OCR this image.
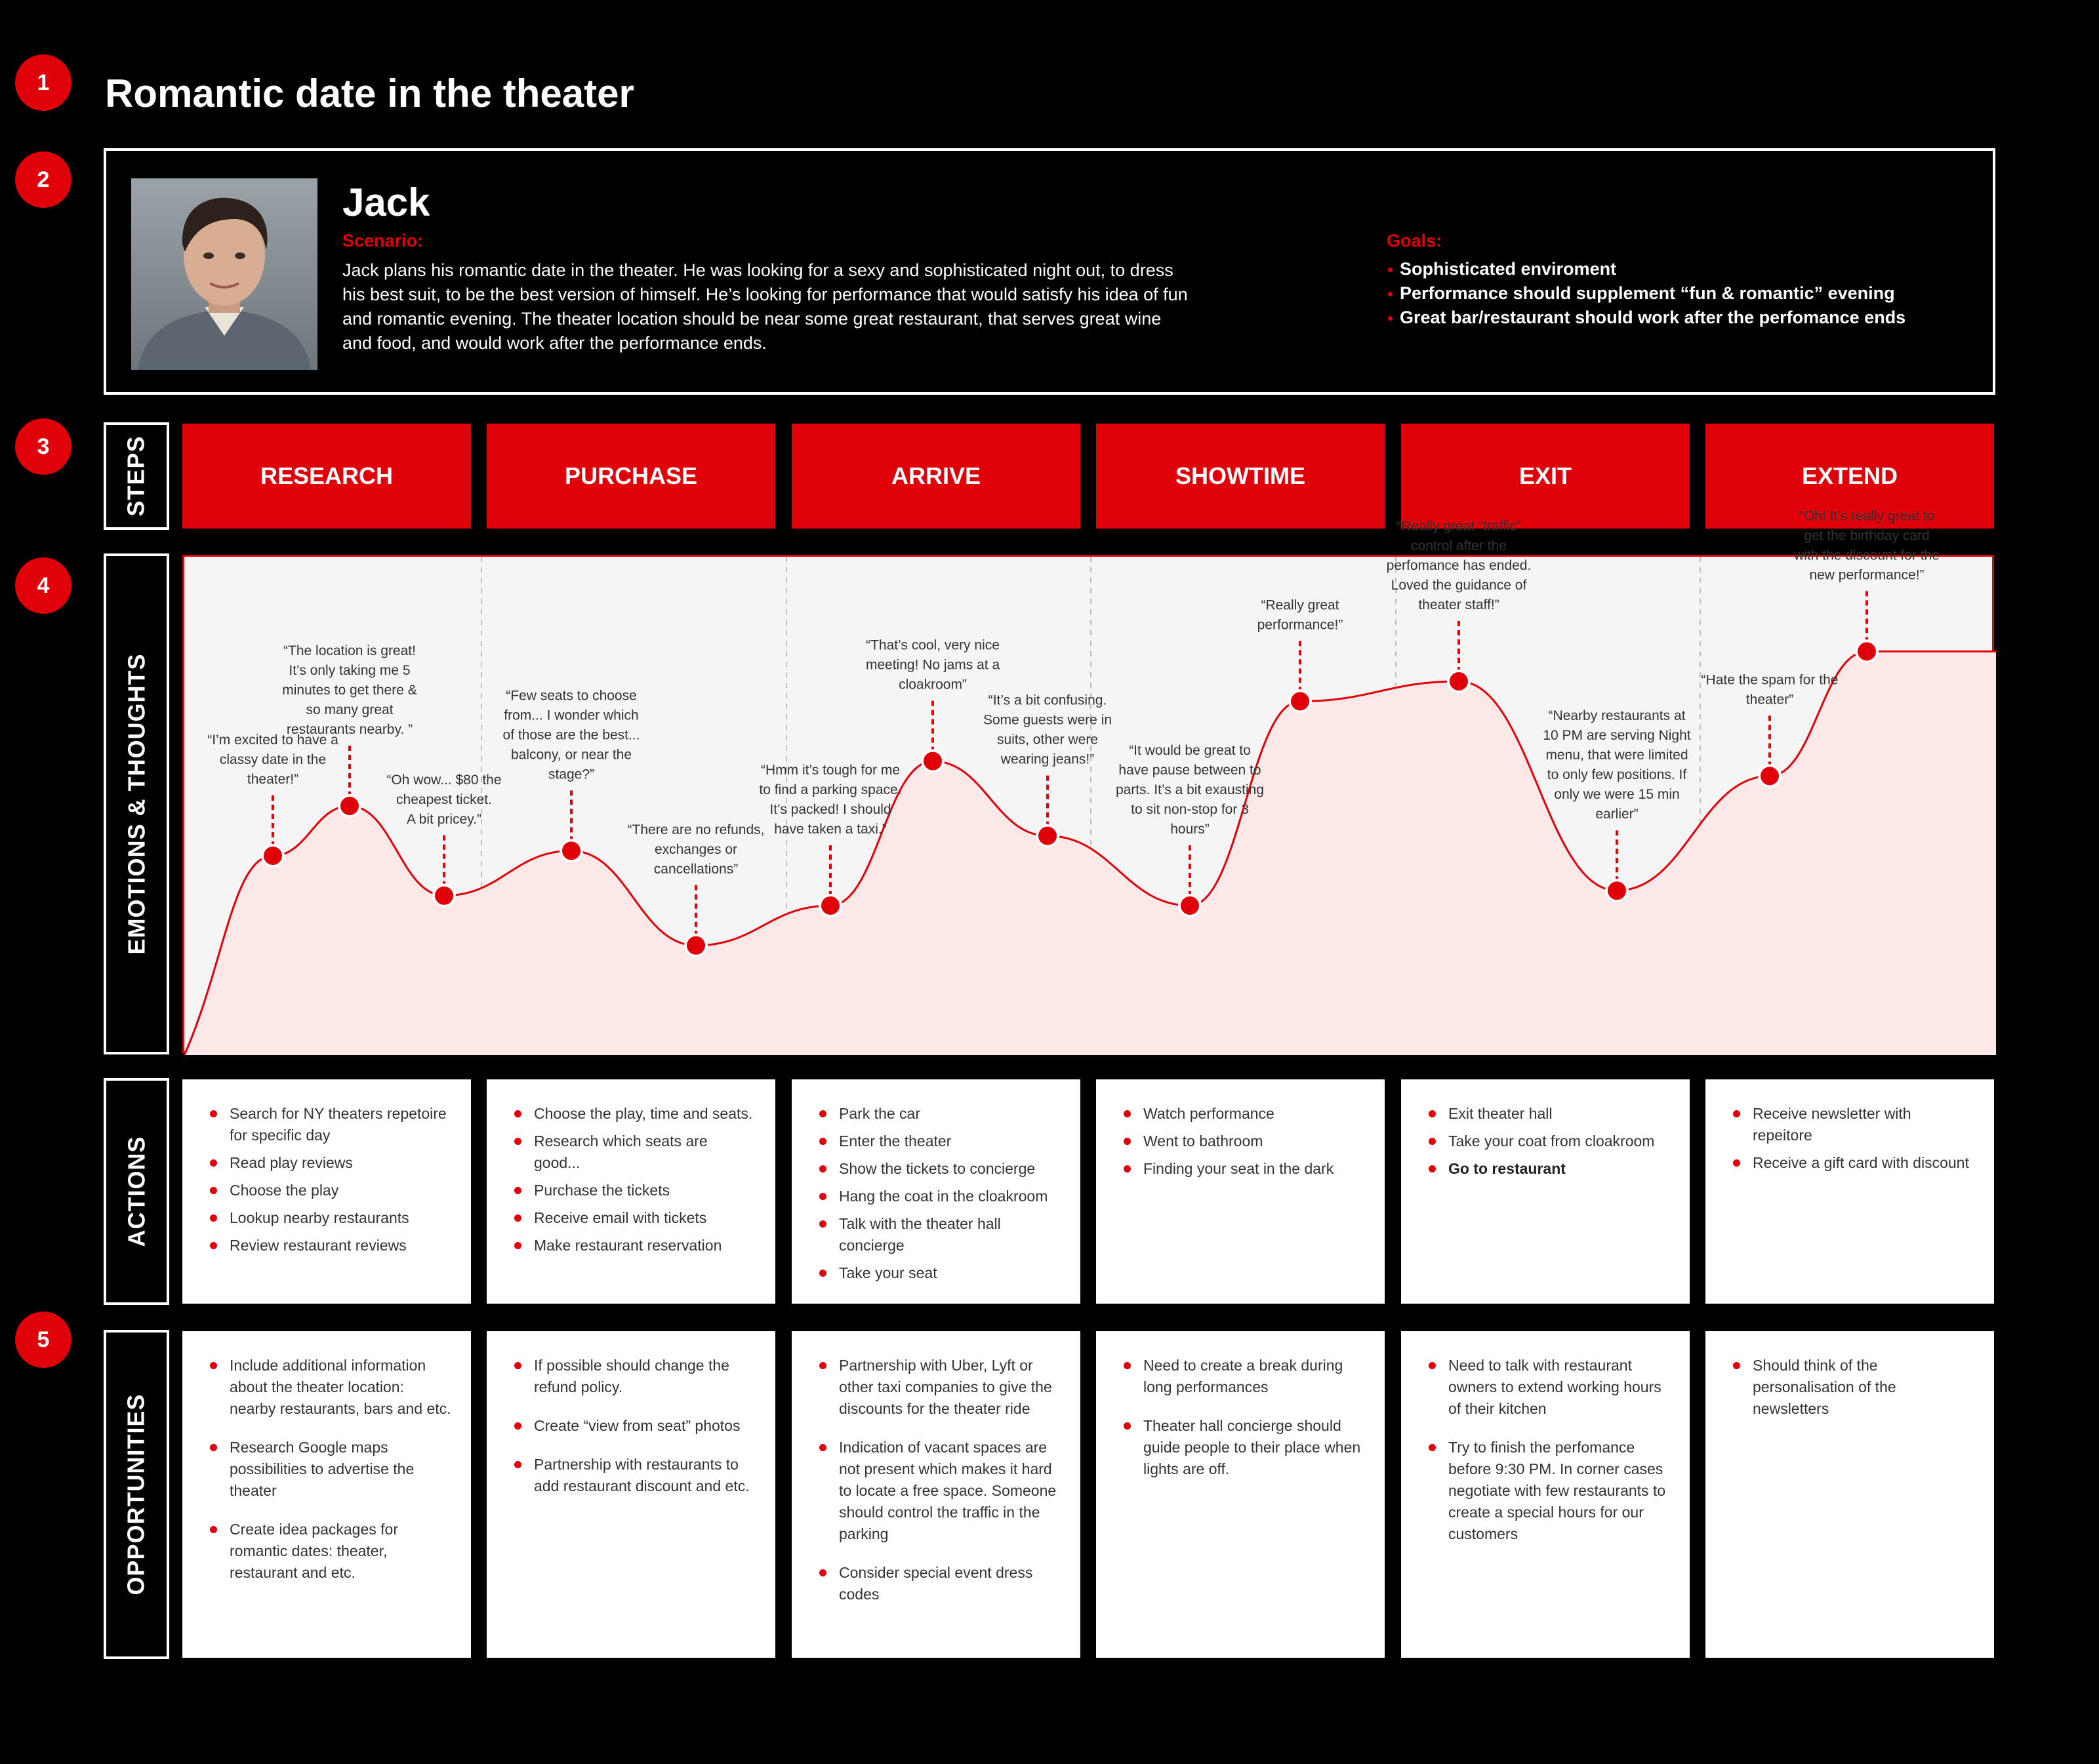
1
2
3
4
5
Romantic date in the theater
Jack
Scenario:

Jack plans his romantic date in the theater. He was looking for a sexy and sophisticated night out, to dress
his best suit, to be the best version of himself. He’s looking for performance that would satisfy his idea of fun
and romantic evening. The theater location should be near some great restaurant, that serves great wine
and food, and would work after the performance ends.

Goals:
Sophisticated enviroment
Performance should supplement “fun & romantic” evening
Great bar/restaurant should work after the perfomance ends
STEPS
EMOTIONS & THOUGHTS
ACTIONS
OPPORTUNITIES
RESEARCH	PURCHASE	ARRIVE	SHOWTIME	EXIT	EXTEND
“I’m excited to have a classy date in the theater!”
“The location is great! It’s only taking me 5 minutes to get there & so many great restaurants nearby. ”
“Oh wow... $80 the cheapest ticket. A bit pricey.”
“Few seats to choose from... I wonder which of those are the best... balcony, or near the stage?”
“There are no refunds, exchanges or cancellations”
“Hmm it’s tough for me to find a parking space. It’s packed! I should have taken a taxi.”
“That’s cool, very nice meeting! No jams at a cloakroom”
“It’s a bit confusing. Some guests were in suits, other were wearing jeans!”
“It would be great to have pause between to parts. It’s a bit exausting to sit non-stop for 3 hours”
“Really great performance!”
“Really great “traffic” control after the perfomance has ended. Loved the guidance of theater staff!”
“Nearby restaurants at 10 PM are serving Night menu, that were limited to only few positions. If only we were 15 min earlier”
“Hate the spam for the theater”
“Oh! It’s really great to get the birthday card with the discount for the new performance!”
Search for NY theaters repetoire for specific day
Read play reviews
Choose the play
Lookup nearby restaurants
Review restaurant reviews
Choose the play, time and seats.
Research which seats are good...
Purchase the tickets
Receive email with tickets
Make restaurant reservation
Park the car
Enter the theater
Show the tickets to concierge
Hang the coat in the cloakroom
Talk with the theater hall concierge
Take your seat
Watch performance
Went to bathroom
Finding your seat in the dark
Exit theater hall
Take your coat from cloakroom
Go to restaurant
Receive newsletter with repeitore
Receive a gift card with discount
Include additional information about the theater location: nearby restaurants, bars and etc.
Research Google maps possibilities to advertise the theater
Create idea packages for romantic dates: theater, restaurant and etc.
If possible should change the refund policy.
Create “view from seat” photos
Partnership with restaurants to add restaurant discount and etc.
Partnership with Uber, Lyft or other taxi companies to give the discounts for the theater ride
Indication of vacant spaces are not present which makes it hard to locate a free space. Someone should control the traffic in the parking
Consider special event dress codes
Need to create a break during long performances
Theater hall concierge should guide people to their place when lights are off.
Need to talk with restaurant owners to extend working hours of their kitchen
Try to finish the perfomance before 9:30 PM. In corner cases negotiate with few restaurants to create a special hours for our customers
Should think of the personalisation of the newsletters
